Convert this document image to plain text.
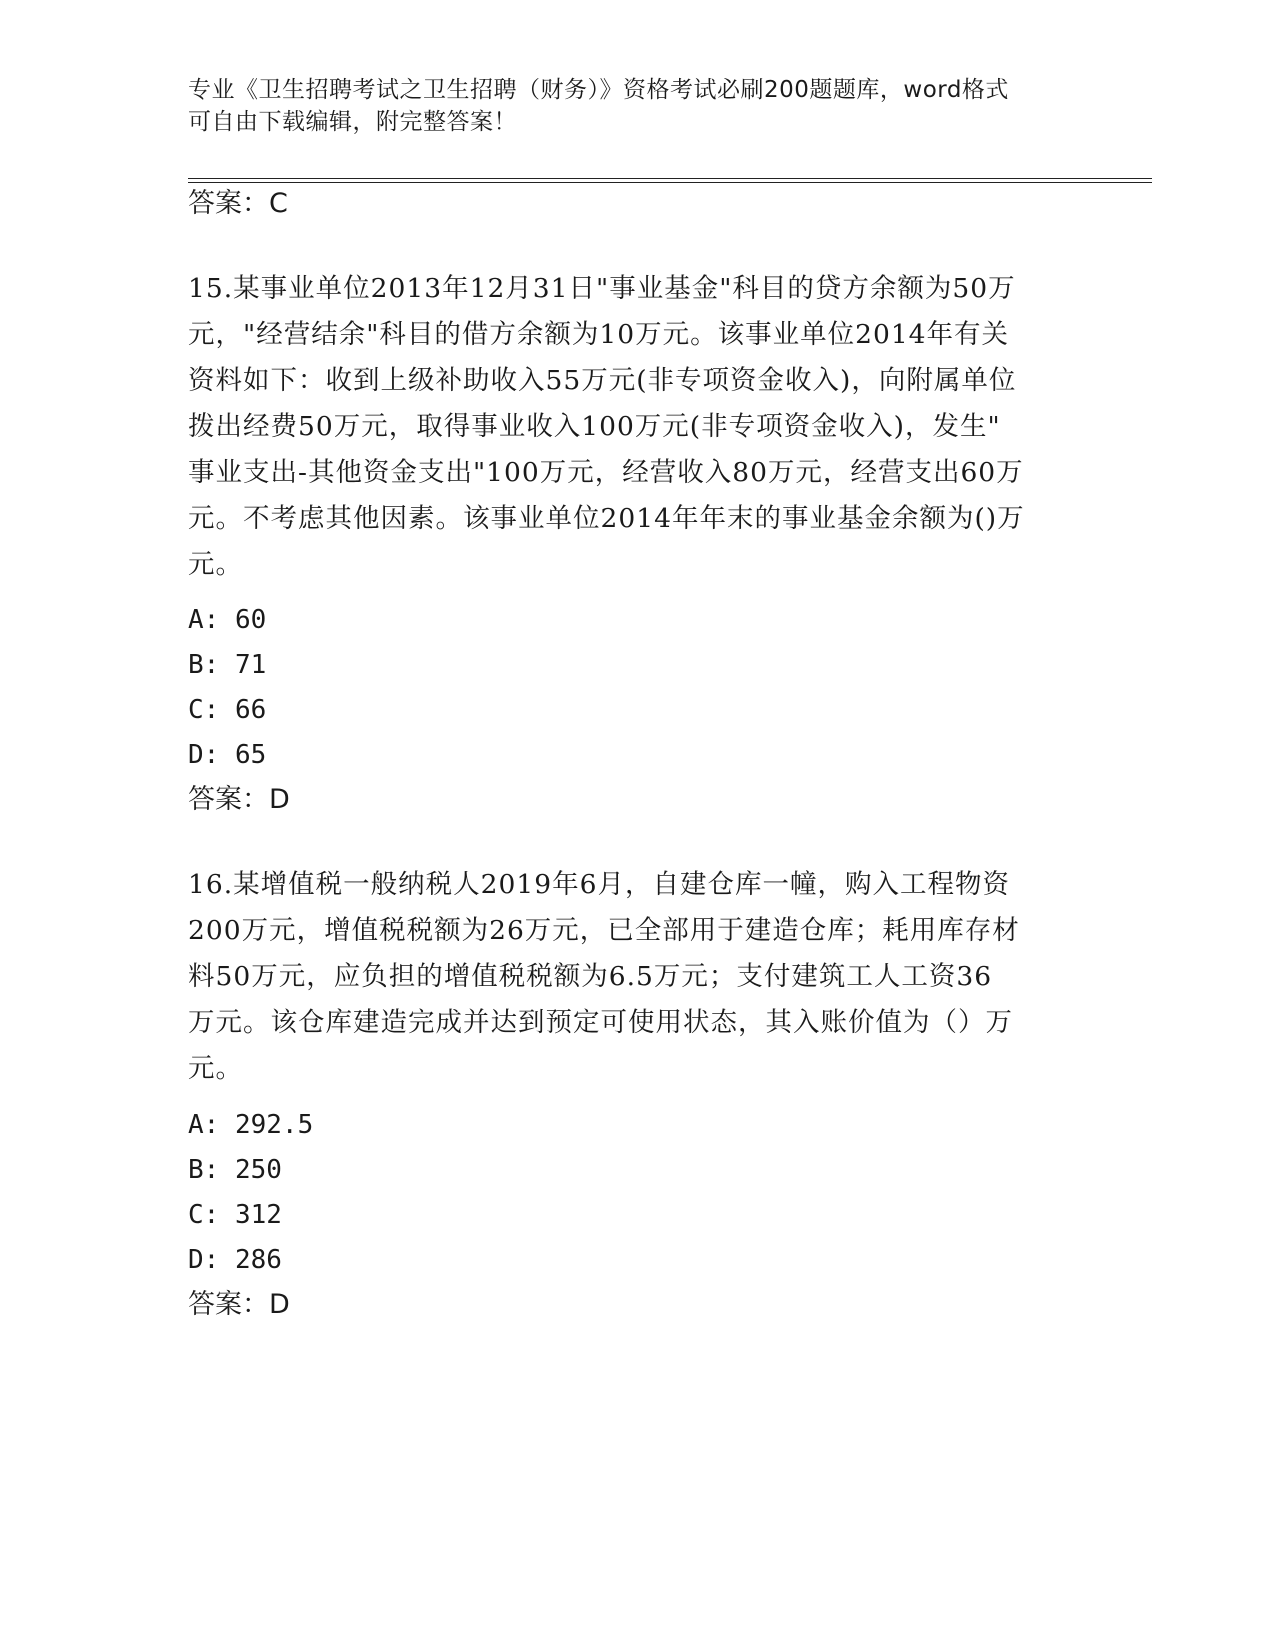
专业《卫生招聘考试之卫生招聘（财务）》资格考试必刷200题题库，word格式
可自由下载编辑，附完整答案！
答案：C
15.某事业单位2013年12月31日"事业基金"科目的贷方余额为50万
元，"经营结余"科目的借方余额为10万元。该事业单位2014年有关
资料如下：收到上级补助收入55万元(非专项资金收入)，向附属单位
拨出经费50万元，取得事业收入100万元(非专项资金收入)，发生"
事业支出-其他资金支出"100万元，经营收入80万元，经营支出60万
元。不考虑其他因素。该事业单位2014年年末的事业基金余额为()万
元。
A: 60
B: 71
C: 66
D: 65
答案：D
16.某增值税一般纳税人2019年6月，自建仓库一幢，购入工程物资
200万元，增值税税额为26万元，已全部用于建造仓库；耗用库存材
料50万元，应负担的增值税税额为6.5万元；支付建筑工人工资36
万元。该仓库建造完成并达到预定可使用状态，其入账价值为（）万
元。
A: 292.5
B: 250
C: 312
D: 286
答案：D
